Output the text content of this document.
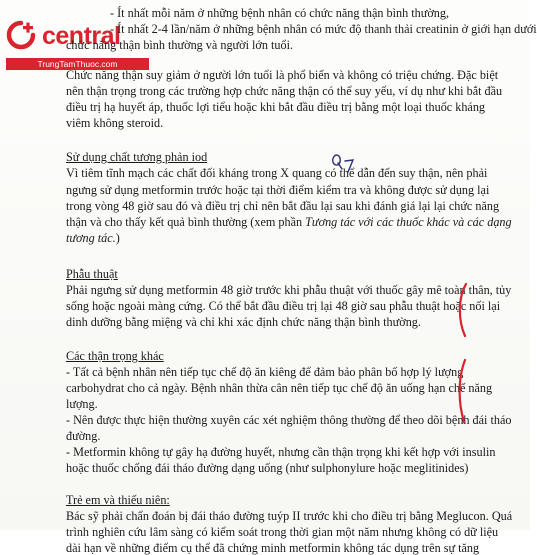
central
TrungTamThuoc.com
- Ít nhất mỗi năm ở những bệnh nhân có chức năng thận bình thường,
- Ít nhất 2-4 lần/năm ở những bệnh nhân có mức độ thanh thải creatinin ở giới hạn dưới
chức năng thận bình thường và người lớn tuổi.
Chức năng thận suy giảm ở người lớn tuổi là phổ biến và không có triệu chứng. Đặc biệt
nên thận trọng trong các trường hợp chức năng thận có thể suy yếu, ví dụ như khi bắt đầu
điều trị hạ huyết áp, thuốc lợi tiểu hoặc khi bắt đầu điều trị bằng một loại thuốc kháng
viêm không steroid.
Sử dụng chất tương phản iod
Vì tiêm tĩnh mạch các chất đối kháng trong X quang có thể dẫn đến suy thận, nên phải
ngưng sử dụng metformin trước hoặc tại thời điểm kiểm tra và không được sử dụng lại
trong vòng 48 giờ sau đó và điều trị chỉ nên bắt đầu lại sau khi đánh giá lại lại chức năng
thận và cho thấy kết quả bình thường (xem phần Tương tác với các thuốc khác và các dạng
tương tác.)
Phẫu thuật
Phải ngưng sử dụng metformin 48 giờ trước khi phẫu thuật với thuốc gây mê toàn thân, tủy
sống hoặc ngoài màng cứng. Có thể bắt đầu điều trị lại 48 giờ sau phẫu thuật hoặc nối lại
dinh dưỡng bằng miệng và chỉ khi xác định chức năng thận bình thường.
Các thận trọng khác
- Tất cả bệnh nhân nên tiếp tục chế độ ăn kiêng để đảm bảo phân bố hợp lý lượng
carbohydrat cho cả ngày. Bệnh nhân thừa cân nên tiếp tục chế độ ăn uống hạn chế năng
lượng.
- Nên được thực hiện thường xuyên các xét nghiệm thông thường để theo dõi bệnh đái tháo
đường.
- Metformin không tự gây hạ đường huyết, nhưng cần thận trọng khi kết hợp với insulin
hoặc thuốc chống đái tháo đường dạng uống (như sulphonylure hoặc meglitinides)
Trẻ em và thiếu niên:
Bác sỹ phải chẩn đoán bị đái tháo đường tuýp II trước khi cho điều trị bằng Meglucon. Quá
trình nghiên cứu lâm sàng có kiểm soát trong thời gian một năm nhưng không có dữ liệu
dài hạn về những điểm cụ thể đã chứng minh metformin không tác dụng trên sự tăng
